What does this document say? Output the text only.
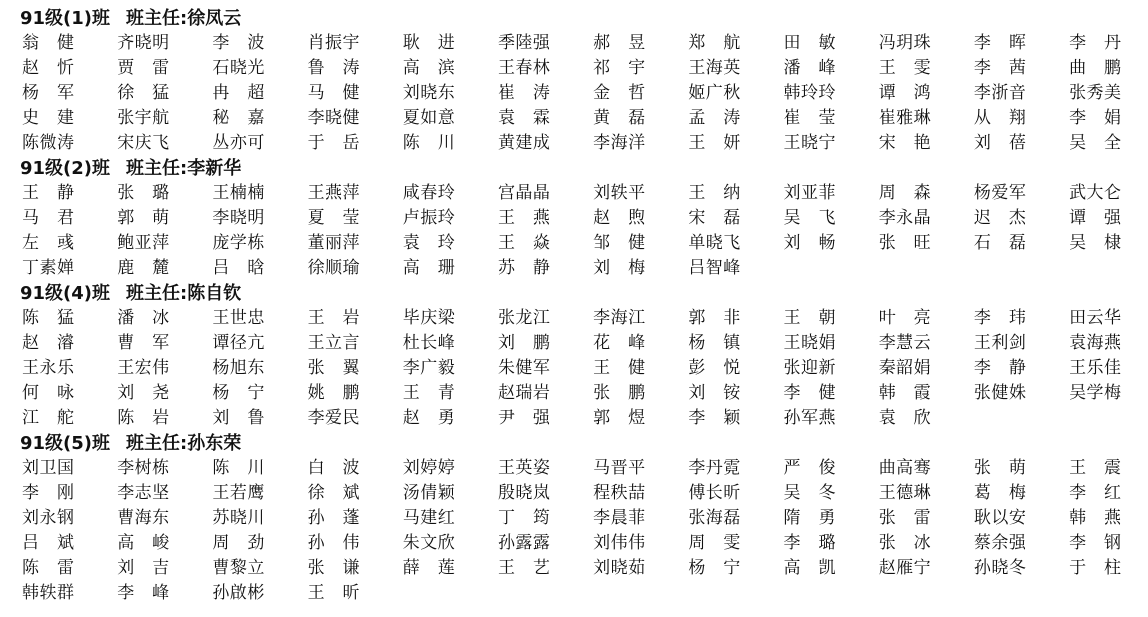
91级(1)班 班主任:徐凤云
翁　健	齐晓明	李　波	肖振宇	耿　进	季陸强	郝　昱	郑　航	田　敏	冯玥珠	李　晖	李　丹
赵　忻	贾　雷	石晓光	鲁　涛	高　滨	王春林	祁　宇	王海英	潘　峰	王　雯	李　茜	曲　鹏
杨　军	徐　猛	冉　超	马　健	刘晓东	崔　涛	金　哲	姬广秋	韩玲玲	谭　鸿	李浙音	张秀美
史　建	张宇航	秘　嘉	李晓健	夏如意	袁　霖	黄　磊	孟　涛	崔　莹	崔雅琳	从　翔	李　娟
陈微涛	宋庆飞	丛亦可	于　岳	陈　川	黄建成	李海洋	王　妍	王晓宁	宋　艳	刘　蓓	吴　全
91级(2)班 班主任:李新华
王　静	张　璐	王楠楠	王燕萍	咸春玲	宫晶晶	刘轶平	王　纳	刘亚菲	周　森	杨爱军	武大仑
马　君	郭　萌	李晓明	夏　莹	卢振玲	王　燕	赵　煦	宋　磊	吴　飞	李永晶	迟　杰	谭　强
左　彧	鲍亚萍	庞学栋	董丽萍	袁　玲	王　焱	邹　健	单晓飞	刘　畅	张　旺	石　磊	吴　棣
丁素婵	鹿　麓	吕　晗	徐顺瑜	高　珊	苏　静	刘　梅	吕智峰
91级(4)班 班主任:陈自钦
陈　猛	潘　冰	王世忠	王　岩	毕庆梁	张龙江	李海江	郭　非	王　朝	叶　亮	李　玮	田云华
赵　濬	曹　军	谭径亢	王立言	杜长峰	刘　鹏	花　峰	杨　镇	王晓娟	李慧云	王利剑	袁海燕
王永乐	王宏伟	杨旭东	张　翼	李广毅	朱健军	王　健	彭　悦	张迎新	秦韶娟	李　静	王乐佳
何　咏	刘　尧	杨　宁	姚　鹏	王　青	赵瑞岩	张　鹏	刘　铵	李　健	韩　霞	张健姝	吴学梅
江　舵	陈　岩	刘　鲁	李爱民	赵　勇	尹　强	郭　煜	李　颖	孙军燕	袁　欣
91级(5)班 班主任:孙东荣
刘卫国	李树栋	陈　川	白　波	刘婷婷	王英姿	马晋平	李丹霓	严　俊	曲高骞	张　萌	王　震
李　刚	李志坚	王若鹰	徐　斌	汤倩颖	殷晓岚	程秩喆	傅长昕	吴　冬	王德琳	葛　梅	李　红
刘永钢	曹海东	苏晓川	孙　蓬	马建红	丁　筠	李晨菲	张海磊	隋　勇	张　雷	耿以安	韩　燕
吕　斌	高　峻	周　劲	孙　伟	朱文欣	孙露露	刘伟伟	周　雯	李　璐	张　冰	蔡余强	李　钢
陈　雷	刘　吉	曹黎立	张　谦	薛　莲	王　艺	刘晓茹	杨　宁	高　凯	赵雁宁	孙晓冬	于　柱
韩轶群	李　峰	孙啟彬	王　昕
